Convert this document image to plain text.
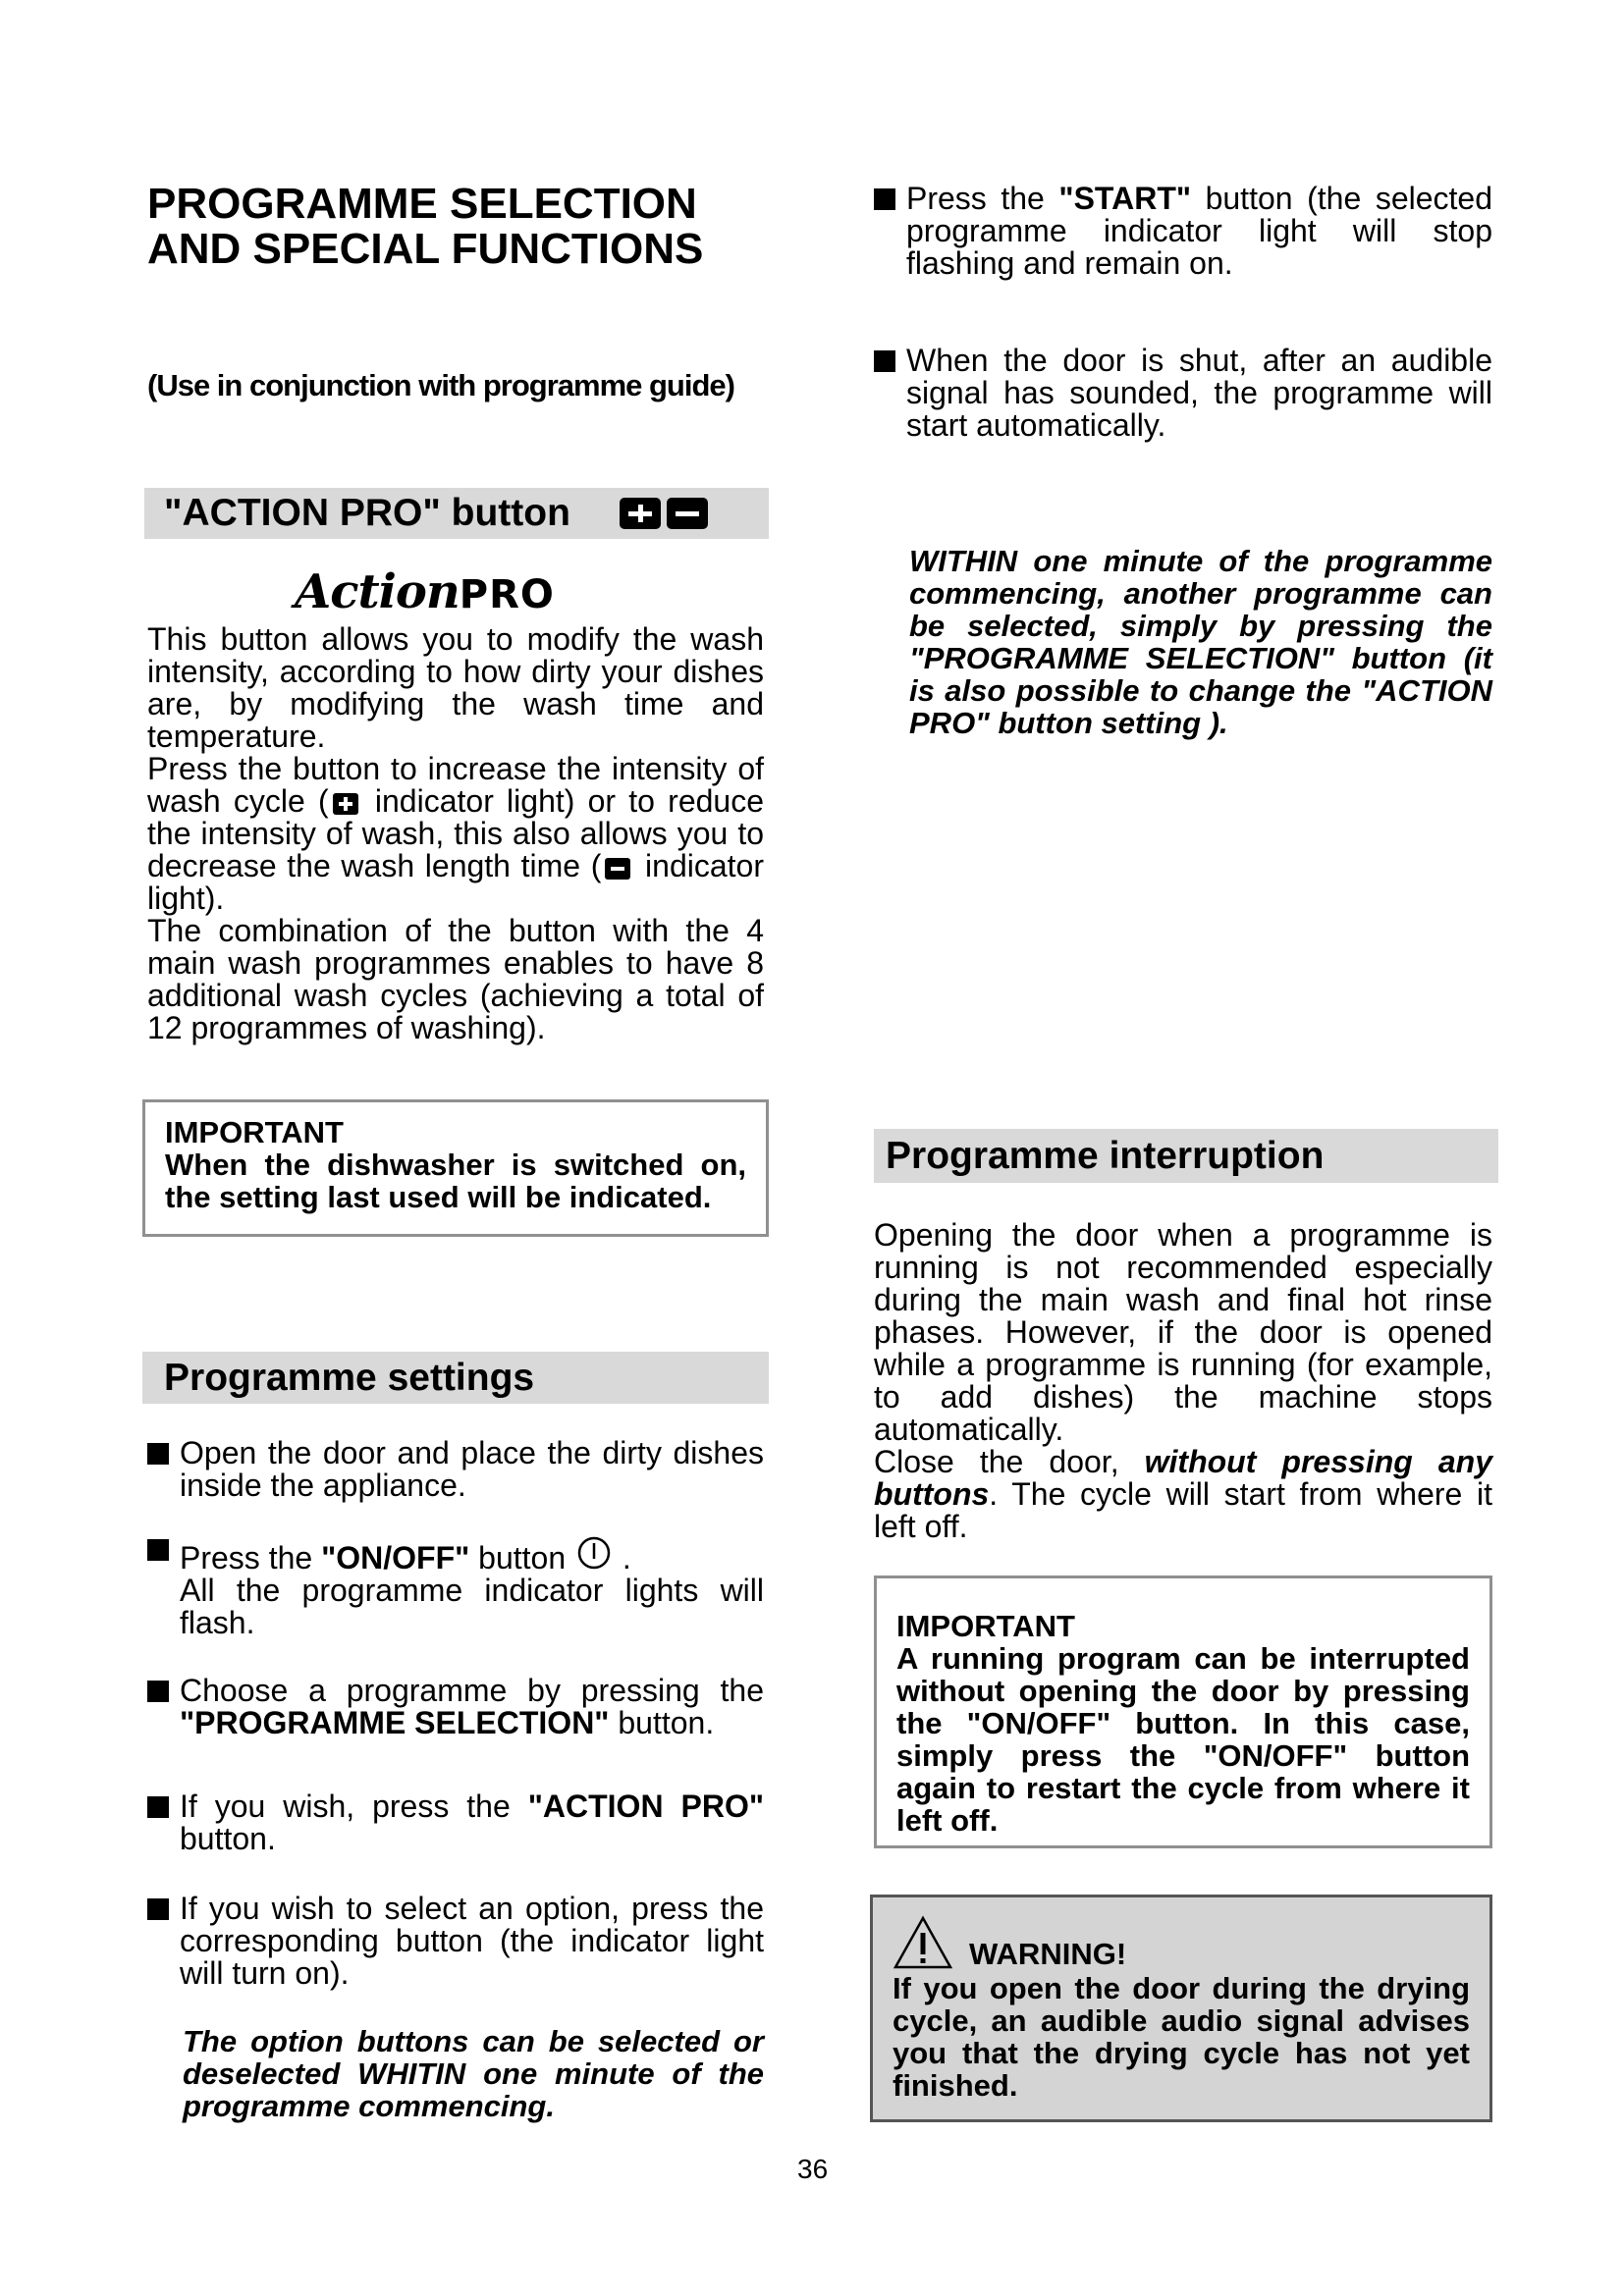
PROGRAMME SELECTION
AND SPECIAL FUNCTIONS
(Use in conjunction with programme guide)
"ACTION PRO" button
ActionPRO
This button allows you to modify the wash intensity, according to how dirty your dishes are, by modifying the wash time and temperature.
Press the button to increase the intensity of wash cycle ( indicator light) or to reduce the intensity of wash, this also allows you to decrease the wash length time ( indicator light).
The combination of the button with the 4 main wash programmes enables to have 8 additional wash cycles (achieving a total of 12 programmes of washing).
IMPORTANT
When the dishwasher is switched on, the setting last used will be indicated.
Programme settings
Open the door and place the dirty dishes inside the appliance.
Press the "ON/OFF" button .
All the programme indicator lights will flash.
Choose a programme by pressing the "PROGRAMME SELECTION" button.
If you wish, press the "ACTION PRO" button.
If you wish to select an option, press the corresponding button (the indicator light will turn on).
The option buttons can be selected or deselected WHITIN one minute of the programme commencing.
Press the "START" button (the selected programme indicator light will stop flashing and remain on.
When the door is shut, after an audible signal has sounded, the programme will start automatically.
WITHIN one minute of the programme commencing, another programme can be selected, simply by pressing the "PROGRAMME SELECTION" button (it is also possible to change the "ACTION PRO" button setting ).
Programme interruption
Opening the door when a programme is running is not recommended especially during the main wash and final hot rinse phases. However, if the door is opened while a programme is running (for example, to add dishes) the machine stops automatically.
Close the door, without pressing any buttons. The cycle will start from where it left off.
IMPORTANT
A running program can be interrupted without opening the door by pressing the "ON/OFF" button. In this case, simply press the "ON/OFF" button again to restart the cycle from where it left off.
WARNING!
If you open the door during the drying cycle, an audible audio signal advises you that the drying cycle has not yet finished.
36
